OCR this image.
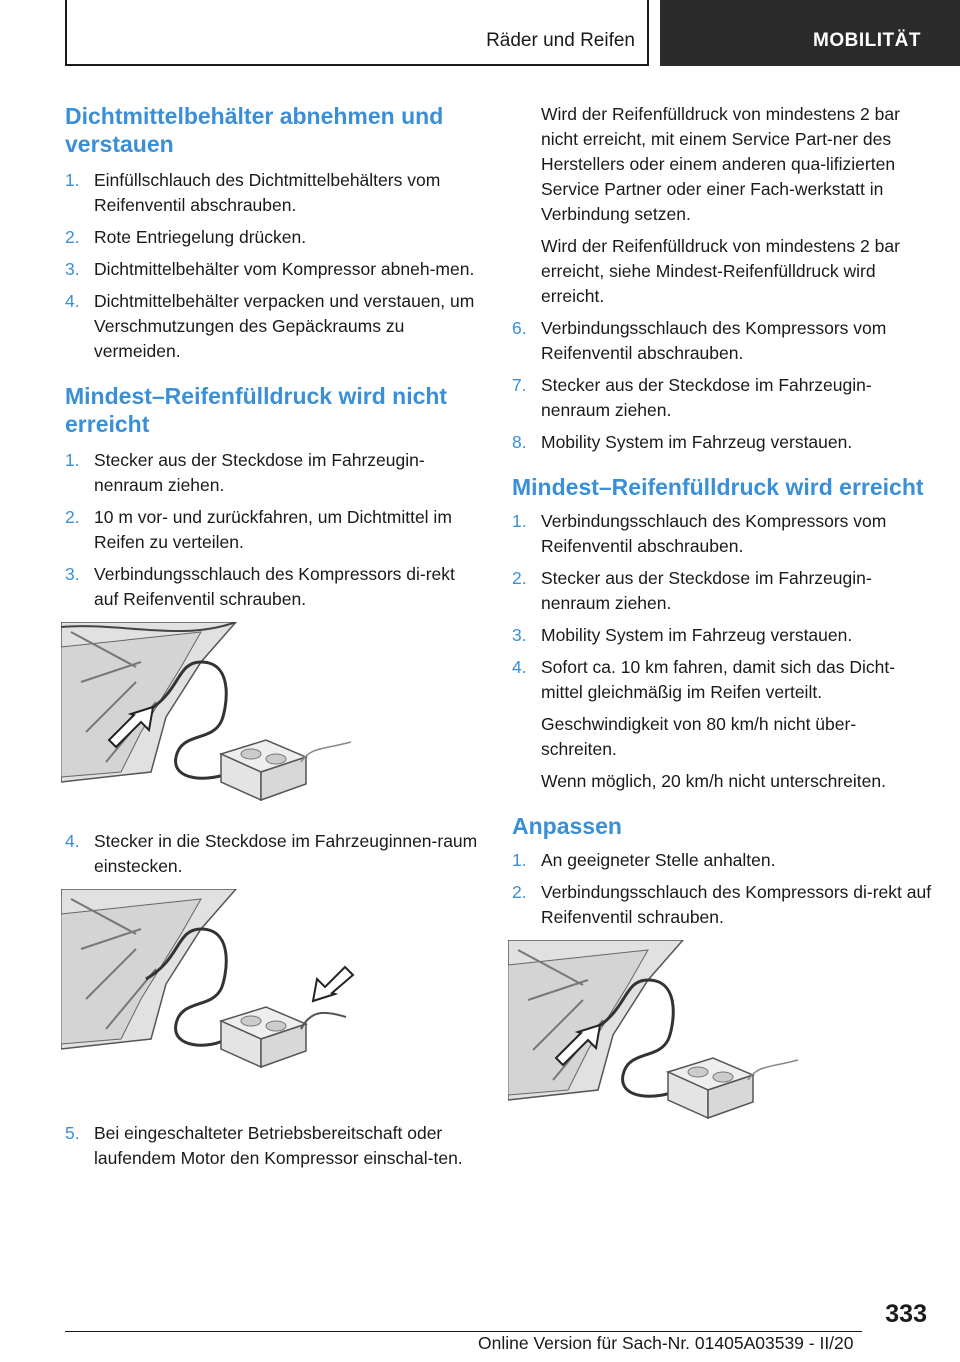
Räder und Reifen	MOBILITÄT
Dichtmittelbehälter abnehmen und verstauen
1. Einfüllschlauch des Dichtmittelbehälters vom Reifenventil abschrauben.
2. Rote Entriegelung drücken.
3. Dichtmittelbehälter vom Kompressor abneh‐men.
4. Dichtmittelbehälter verpacken und verstauen, um Verschmutzungen des Gepäckraums zu vermeiden.
Mindest–Reifenfülldruck wird nicht erreicht
1. Stecker aus der Steckdose im Fahrzeugin‐nenraum ziehen.
2. 10 m vor- und zurückfahren, um Dichtmittel im Reifen zu verteilen.
3. Verbindungsschlauch des Kompressors di‐rekt auf Reifenventil schrauben.
4. Stecker in die Steckdose im Fahrzeuginnen‐raum einstecken.
5. Bei eingeschalteter Betriebsbereitschaft oder laufendem Motor den Kompressor einschal‐ten.

Wird der Reifenfülldruck von mindestens 2 bar nicht erreicht, mit einem Service Part‐ner des Herstellers oder einem anderen qua‐lifizierten Service Partner oder einer Fach‐werkstatt in Verbindung setzen.

Wird der Reifenfülldruck von mindestens 2 bar erreicht, siehe Mindest-Reifenfülldruck wird erreicht.

6. Verbindungsschlauch des Kompressors vom Reifenventil abschrauben.
7. Stecker aus der Steckdose im Fahrzeugin‐nenraum ziehen.
8. Mobility System im Fahrzeug verstauen.
Mindest–Reifenfülldruck wird erreicht
1. Verbindungsschlauch des Kompressors vom Reifenventil abschrauben.
2. Stecker aus der Steckdose im Fahrzeugin‐nenraum ziehen.
3. Mobility System im Fahrzeug verstauen.
4. Sofort ca. 10 km fahren, damit sich das Dicht‐mittel gleichmäßig im Reifen verteilt.

Geschwindigkeit von 80 km/h nicht über‐schreiten.

Wenn möglich, 20 km/h nicht unterschreiten.

Anpassen
1. An geeigneter Stelle anhalten.
2. Verbindungsschlauch des Kompressors di‐rekt auf Reifenventil schrauben.
333
Online Version für Sach-Nr. 01405A03539 - II/20
